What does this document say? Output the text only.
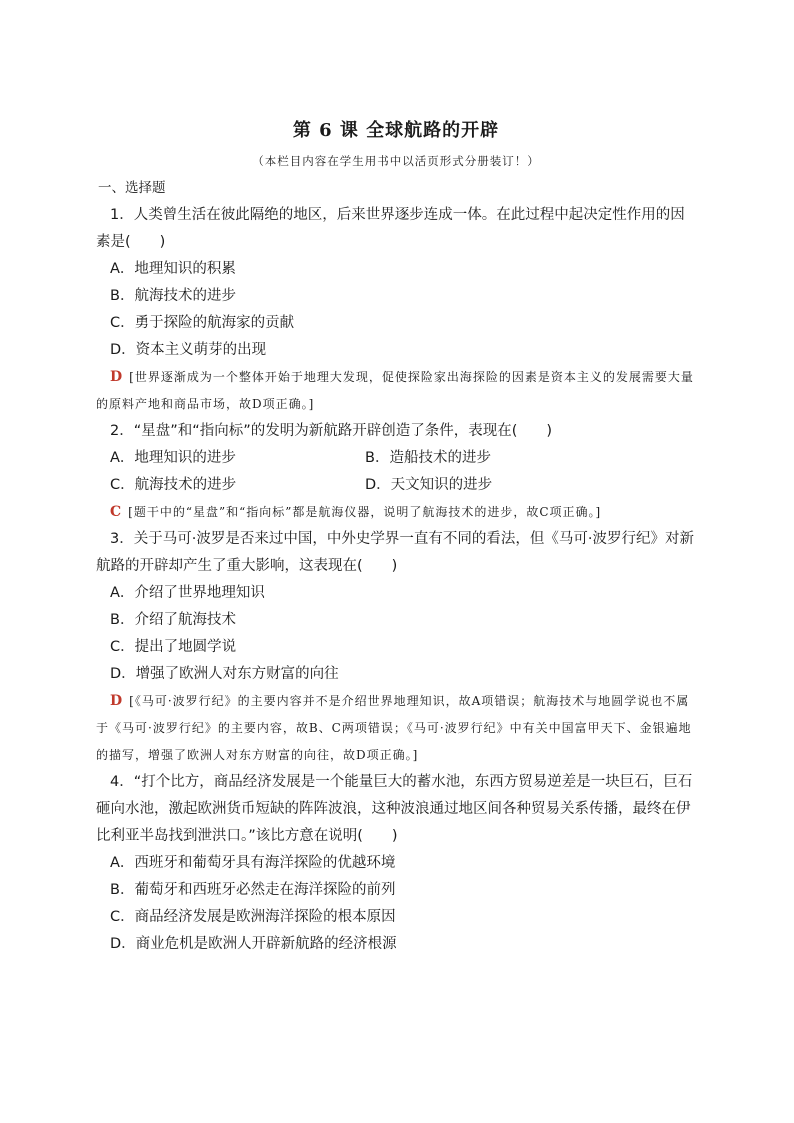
第 6 课 全球航路的开辟
（本栏目内容在学生用书中以活页形式分册装订！）
一、选择题

1．人类曾生活在彼此隔绝的地区，后来世界逐步连成一体。在此过程中起决定性作用的因素是(　　)

A．地理知识的积累

B．航海技术的进步

C．勇于探险的航海家的贡献

D．资本主义萌芽的出现

D [世界逐渐成为一个整体开始于地理大发现，促使探险家出海探险的因素是资本主义的发展需要大量的原料产地和商品市场，故D项正确。]

2．“星盘”和“指向标”的发明为新航路开辟创造了条件，表现在(　　)

A．地理知识的进步	B．造船技术的进步
C．航海技术的进步	D．天文知识的进步

C [题干中的“星盘”和“指向标”都是航海仪器，说明了航海技术的进步，故C项正确。]

3．关于马可·波罗是否来过中国，中外史学界一直有不同的看法，但《马可·波罗行纪》对新航路的开辟却产生了重大影响，这表现在(　　)

A．介绍了世界地理知识

B．介绍了航海技术

C．提出了地圆学说

D．增强了欧洲人对东方财富的向往

D [《马可·波罗行纪》的主要内容并不是介绍世界地理知识，故A项错误；航海技术与地圆学说也不属于《马可·波罗行纪》的主要内容，故B、C两项错误；《马可·波罗行纪》中有关中国富甲天下、金银遍地的描写，增强了欧洲人对东方财富的向往，故D项正确。]

4．“打个比方，商品经济发展是一个能量巨大的蓄水池，东西方贸易逆差是一块巨石，巨石砸向水池，激起欧洲货币短缺的阵阵波浪，这种波浪通过地区间各种贸易关系传播，最终在伊比利亚半岛找到泄洪口。”该比方意在说明(　　)

A．西班牙和葡萄牙具有海洋探险的优越环境

B．葡萄牙和西班牙必然走在海洋探险的前列

C．商品经济发展是欧洲海洋探险的根本原因

D．商业危机是欧洲人开辟新航路的经济根源
